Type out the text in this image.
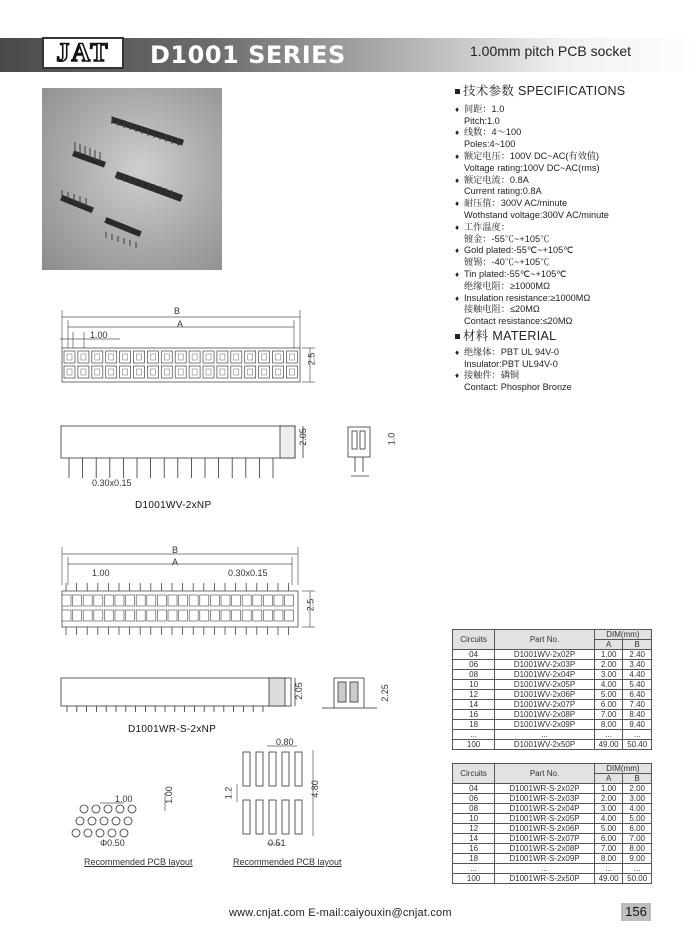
JAT	D1001 SERIES	1.00mm pitch PCB socket
技术参数 SPECIFICATIONS
♦ 间距：1.0
Pitch:1.0
♦ 线数：4～100
Poles:4~100
♦ 额定电压：100V DC~AC(有效值)
Voltage rating:100V DC~AC(rms)
♦ 额定电流：0.8A
Current rating:0.8A
♦ 耐压值：300V AC/minute
Wothstand voltage:300V AC/minute
♦ 工作温度：
镀金：-55℃~+105℃
♦ Gold plated:-55℃~+105℃
镀锡：-40℃~+105℃
♦ Tin plated:-55℃~+105℃
绝缘电阻：≥1000MΩ
♦ Insulation resistance:≥1000MΩ
接触电阻：≤20MΩ
Contact resistance:≤20MΩ
材料 MATERIAL
♦ 绝缘体：PBT UL 94V-0
Insulator:PBT UL94V-0
♦ 接触件：磷铜
Contact: Phosphor Bronze
B
A
1.00
2.5
2.05
0.30x0.15
1.0
D1001WV-2xNP
B
A
1.00	0.30x0.15
2.5
2.05	2.25
D1001WR-S-2xNP
1.00	1.00
Φ0.50
Recommended PCB layout
0.80
1.2	4.80
0.51
Recommended PCB layout
Circuits	Part No.	DIM(mm)	
		A	B
04	D1001WV-2x02P	1.00	2.40
06	D1001WV-2x03P	2.00	3.40
08	D1001WV-2x04P	3.00	4.40
10	D1001WV-2x05P	4.00	5.40
12	D1001WV-2x06P	5.00	6.40
14	D1001WV-2x07P	6.00	7.40
16	D1001WV-2x08P	7.00	8.40
18	D1001WV-2x09P	8.00	9.40
...	...	...	...
100	D1001WV-2x50P	49.00	50.40
Circuits	Part No.	DIM(mm)	
		A	B
04	D1001WR-S-2x02P	1.00	2.00
06	D1001WR-S-2x03P	2.00	3.00
08	D1001WR-S-2x04P	3.00	4.00
10	D1001WR-S-2x05P	4.00	5.00
12	D1001WR-S-2x06P	5.00	6.00
14	D1001WR-S-2x07P	6.00	7.00
16	D1001WR-S-2x08P	7.00	8.00
18	D1001WR-S-2x09P	8.00	9.00
...	...	...	...
100	D1001WR-S-2x50P	49.00	50.00
www.cnjat.com E-mail:caiyouxin@cnjat.com	156
